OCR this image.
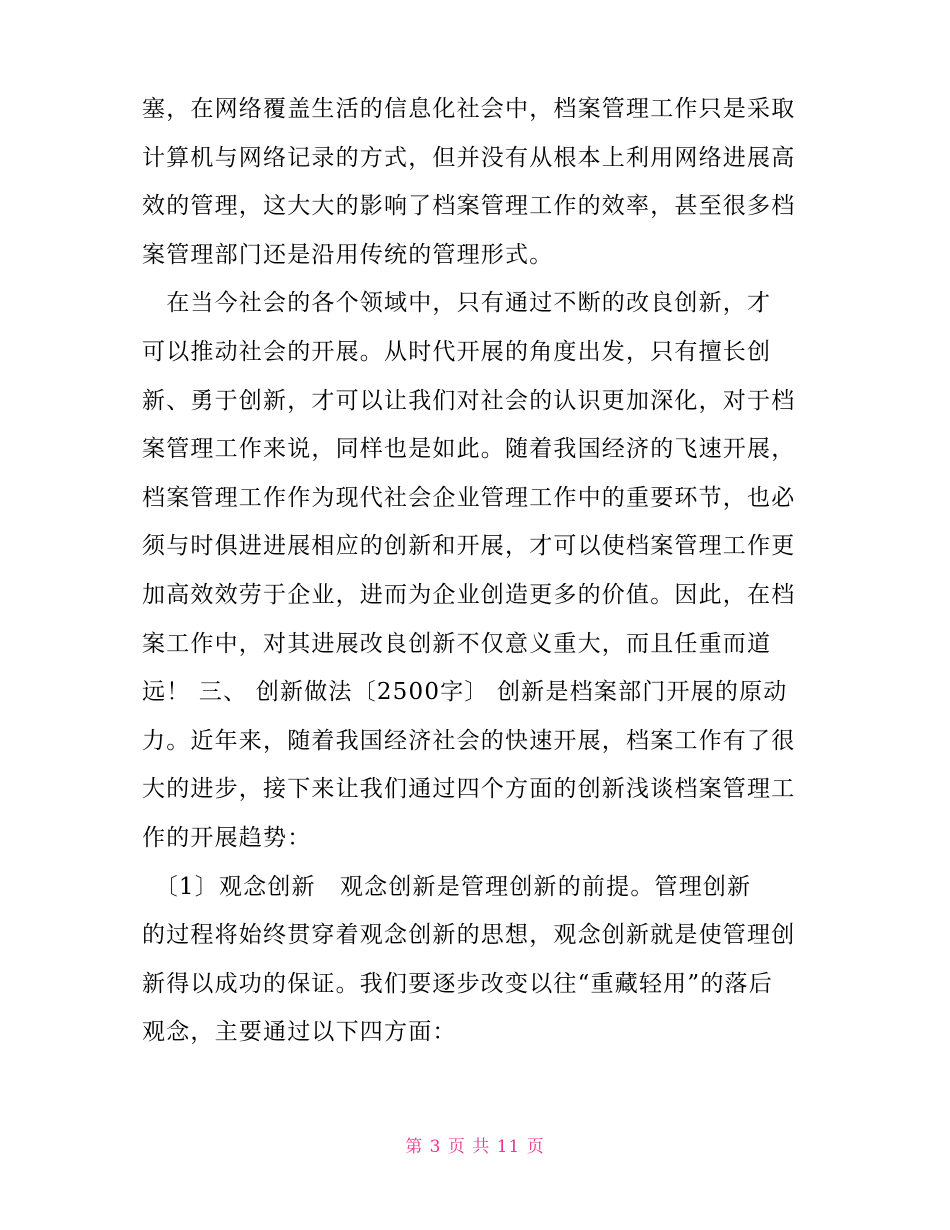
塞，在网络覆盖生活的信息化社会中，档案管理工作只是采取
计算机与网络记录的方式，但并没有从根本上利用网络进展高
效的管理，这大大的影响了档案管理工作的效率，甚至很多档
案管理部门还是沿用传统的管理形式。
　在当今社会的各个领域中，只有通过不断的改良创新，才
可以推动社会的开展。从时代开展的角度出发，只有擅长创
新、勇于创新，才可以让我们对社会的认识更加深化，对于档
案管理工作来说，同样也是如此。随着我国经济的飞速开展，
档案管理工作作为现代社会企业管理工作中的重要环节，也必
须与时俱进进展相应的创新和开展，才可以使档案管理工作更
加高效效劳于企业，进而为企业创造更多的价值。因此，在档
案工作中，对其进展改良创新不仅意义重大，而且任重而道
远！ 三、 创新做法〔2500字〕 创新是档案部门开展的原动
力。近年来，随着我国经济社会的快速开展，档案工作有了很
大的进步，接下来让我们通过四个方面的创新浅谈档案管理工
作的开展趋势：
　〔1〕观念创新　观念创新是管理创新的前提。管理创新
的过程将始终贯穿着观念创新的思想，观念创新就是使管理创
新得以成功的保证。我们要逐步改变以往“重藏轻用”的落后
观念，主要通过以下四方面：
第 3 页 共 11 页
